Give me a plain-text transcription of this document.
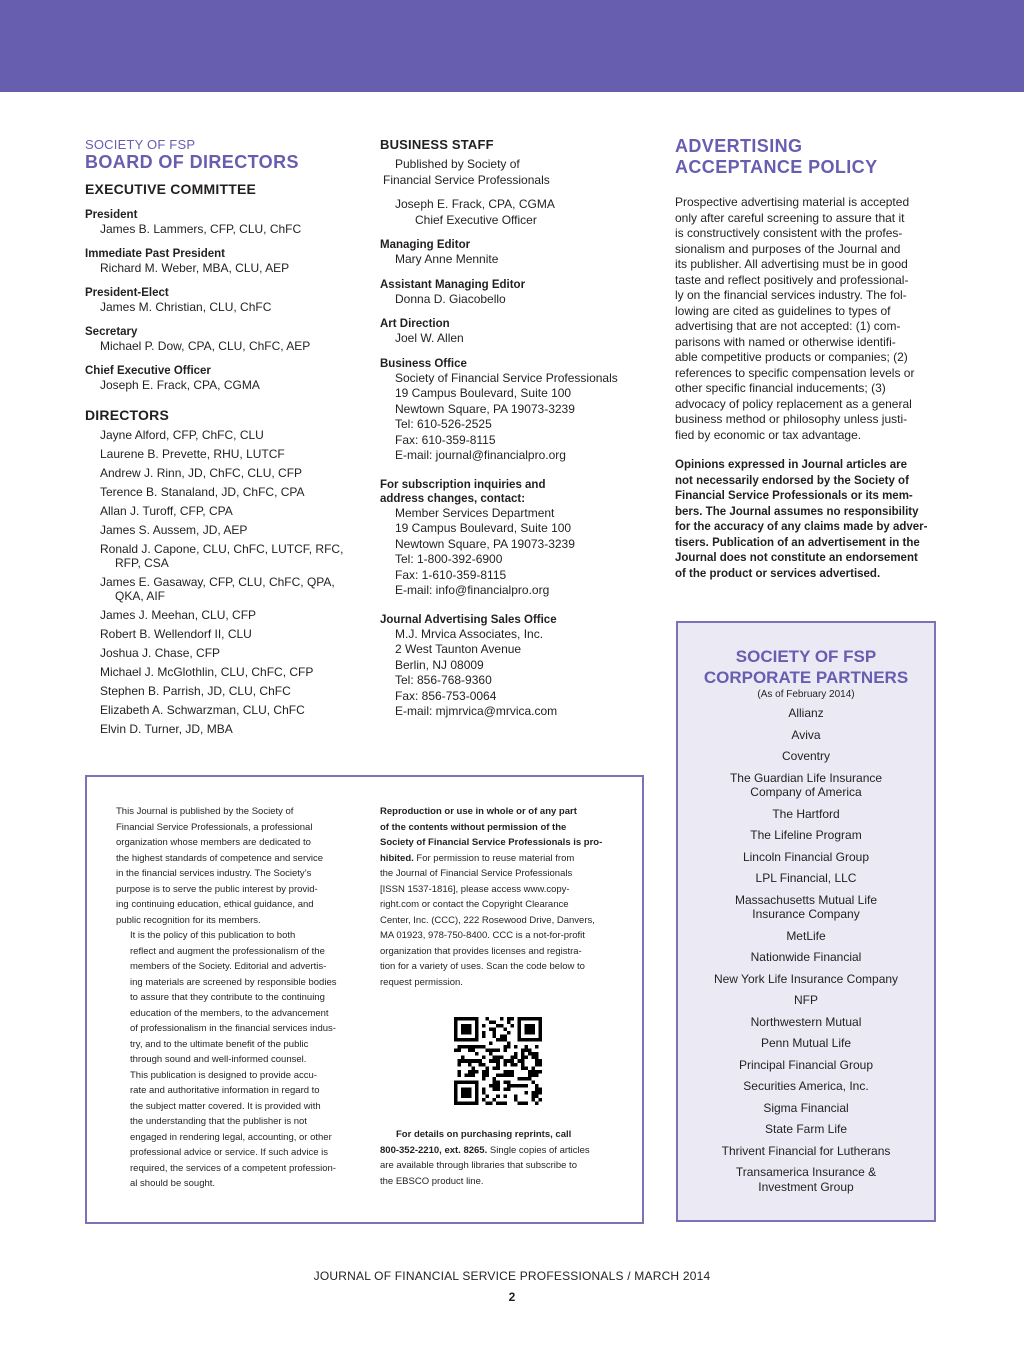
SOCIETY OF FSP
BOARD OF DIRECTORS
EXECUTIVE COMMITTEE
President
James B. Lammers, CFP, CLU, ChFC
Immediate Past President
Richard M. Weber, MBA, CLU, AEP
President-Elect
James M. Christian, CLU, ChFC
Secretary
Michael P. Dow, CPA, CLU, ChFC, AEP
Chief Executive Officer
Joseph E. Frack, CPA, CGMA
DIRECTORS
Jayne Alford, CFP, ChFC, CLU
Laurene B. Prevette, RHU, LUTCF
Andrew J. Rinn, JD, ChFC, CLU, CFP
Terence B. Stanaland, JD, ChFC, CPA
Allan J. Turoff, CFP, CPA
James S. Aussem, JD, AEP
Ronald J. Capone, CLU, ChFC, LUTCF, RFC,
RFP, CSA
James E. Gasaway, CFP, CLU, ChFC, QPA,
QKA, AIF
James J. Meehan, CLU, CFP
Robert B. Wellendorf II, CLU
Joshua J. Chase, CFP
Michael J. McGlothlin, CLU, ChFC, CFP
Stephen B. Parrish, JD, CLU, ChFC
Elizabeth A. Schwarzman, CLU, ChFC
Elvin D. Turner, JD, MBA
BUSINESS STAFF
Published by Society of
Financial Service Professionals
Joseph E. Frack, CPA, CGMA
Chief Executive Officer
Managing Editor
Mary Anne Mennite
Assistant Managing Editor
Donna D. Giacobello
Art Direction
Joel W. Allen
Business Office
Society of Financial Service Professionals
19 Campus Boulevard, Suite 100
Newtown Square, PA 19073-3239
Tel: 610-526-2525
Fax: 610-359-8115
E-mail: journal@financialpro.org
For subscription inquiries and
address changes, contact:
Member Services Department
19 Campus Boulevard, Suite 100
Newtown Square, PA 19073-3239
Tel: 1-800-392-6900
Fax: 1-610-359-8115
E-mail: info@financialpro.org
Journal Advertising Sales Office
M.J. Mrvica Associates, Inc.
2 West Taunton Avenue
Berlin, NJ 08009
Tel: 856-768-9360
Fax: 856-753-0064
E-mail: mjmrvica@mrvica.com
ADVERTISING
ACCEPTANCE POLICY
Prospective advertising material is accepted
only after careful screening to assure that it
is constructively consistent with the profes-
sionalism and purposes of the Journal and
its publisher. All advertising must be in good
taste and reflect positively and professional-
ly on the financial services industry. The fol-
lowing are cited as guidelines to types of
advertising that are not accepted: (1) com-
parisons with named or otherwise identifi-
able competitive products or companies; (2)
references to specific compensation levels or
other specific financial inducements; (3)
advocacy of policy replacement as a general
business method or philosophy unless justi-
fied by economic or tax advantage.
Opinions expressed in Journal articles are
not necessarily endorsed by the Society of
Financial Service Professionals or its mem-
bers. The Journal assumes no responsibility
for the accuracy of any claims made by adver-
tisers. Publication of an advertisement in the
Journal does not constitute an endorsement
of the product or services advertised.
SOCIETY OF FSP
CORPORATE PARTNERS
(As of February 2014)
Allianz
Aviva
Coventry
The Guardian Life Insurance
Company of America
The Hartford
The Lifeline Program
Lincoln Financial Group
LPL Financial, LLC
Massachusetts Mutual Life
Insurance Company
MetLife
Nationwide Financial
New York Life Insurance Company
NFP
Northwestern Mutual
Penn Mutual Life
Principal Financial Group
Securities America, Inc.
Sigma Financial
State Farm Life
Thrivent Financial for Lutherans
Transamerica Insurance &
Investment Group
This Journal is published by the Society of
Financial Service Professionals, a professional
organization whose members are dedicated to
the highest standards of competence and service
in the financial services industry. The Society’s
purpose is to serve the public interest by provid-
ing continuing education, ethical guidance, and
public recognition for its members.
It is the policy of this publication to both
reflect and augment the professionalism of the
members of the Society. Editorial and advertis-
ing materials are screened by responsible bodies
to assure that they contribute to the continuing
education of the members, to the advancement
of professionalism in the financial services indus-
try, and to the ultimate benefit of the public
through sound and well-informed counsel.
This publication is designed to provide accu-
rate and authoritative information in regard to
the subject matter covered. It is provided with
the understanding that the publisher is not
engaged in rendering legal, accounting, or other
professional advice or service. If such advice is
required, the services of a competent profession-
al should be sought.
Reproduction or use in whole or of any part
of the contents without permission of the
Society of Financial Service Professionals is pro-
hibited. For permission to reuse material from
the Journal of Financial Service Professionals
[ISSN 1537-1816], please access www.copy-
right.com or contact the Copyright Clearance
Center, Inc. (CCC), 222 Rosewood Drive, Danvers,
MA 01923, 978-750-8400. CCC is a not-for-profit
organization that provides licenses and registra-
tion for a variety of uses. Scan the code below to
request permission.
For details on purchasing reprints, call
800-352-2210, ext. 8265. Single copies of articles
are available through libraries that subscribe to
the EBSCO product line.
JOURNAL OF FINANCIAL SERVICE PROFESSIONALS / MARCH 2014
2
